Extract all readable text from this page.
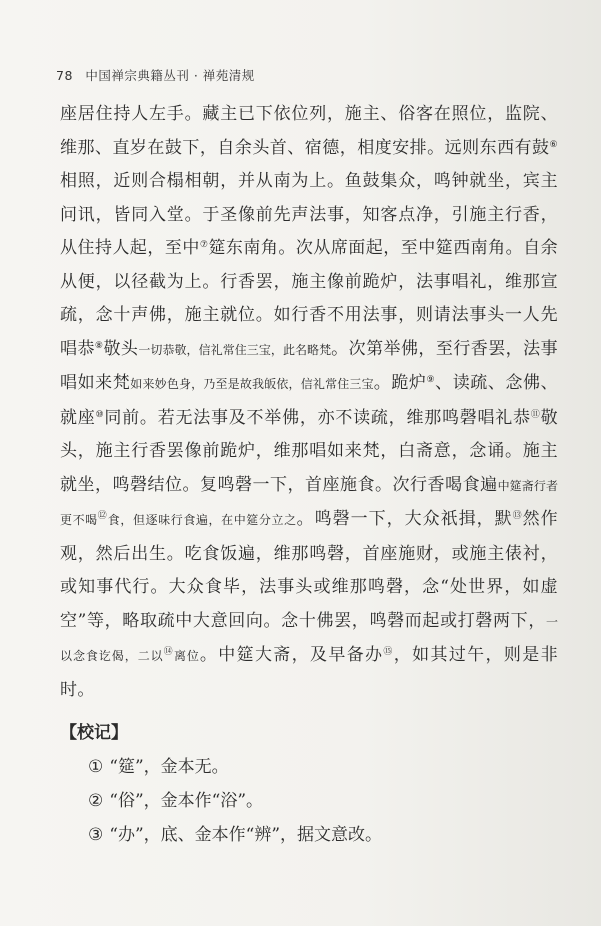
78 中国禅宗典籍丛刊 · 禅苑清规
座居住持人左手。藏主已下依位列，施主、俗客在照位，监院、维那、直岁在鼓下，自余头首、宿德，相度安排。远则东西有鼓⑥相照，近则合榻相朝，并从南为上。鱼鼓集众，鸣钟就坐，宾主问讯，皆同入堂。于圣像前先声法事，知客点净，引施主行香，从住持人起，至中⑦筵东南角。次从席面起，至中筵西南角。自余从便，以径截为上。行香罢，施主像前跪炉，法事唱礼，维那宣疏，念十声佛，施主就位。如行香不用法事，则请法事头一人先唱恭⑧敬头一切恭敬，信礼常住三宝，此名略梵。次第举佛，至行香罢，法事唱如来梵如来妙色身，乃至是故我皈依，信礼常住三宝。跪炉⑨、读疏、念佛、就座⑩同前。若无法事及不举佛，亦不读疏，维那鸣磬唱礼恭⑪敬头，施主行香罢像前跪炉，维那唱如来梵，白斋意，念诵。施主就坐，鸣磬结位。复鸣磬一下，首座施食。次行香喝食遍中筵斋行者更不喝⑫食，但逐味行食遍，在中筵分立之。鸣磬一下，大众祇揖，默⑬然作观，然后出生。吃食饭遍，维那鸣磬，首座施财，或施主俵衬，或知事代行。大众食毕，法事头或维那鸣磬，念“处世界，如虚空”等，略取疏中大意回向。念十佛罢，鸣磬而起或打磬两下，一以念食讫偈，二以⑭离位。中筵大斋，及早备办⑮，如其过午，则是非时。
【校记】
① “筵”，金本无。
② “俗”，金本作“浴”。
③ “办”，底、金本作“辨”，据文意改。
